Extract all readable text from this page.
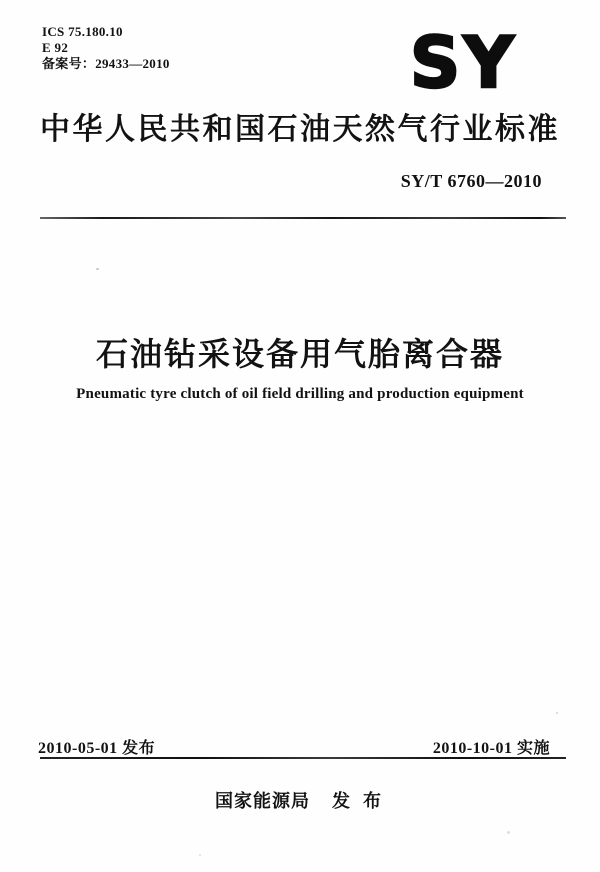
ICS 75.180.10
E 92
备案号：29433—2010	SY
中华人民共和国石油天然气行业标准
SY/T 6760—2010
石油钻采设备用气胎离合器
Pneumatic tyre clutch of oil field drilling and production equipment
2010-05-01 发布	2010-10-01 实施
国家能源局 发 布
